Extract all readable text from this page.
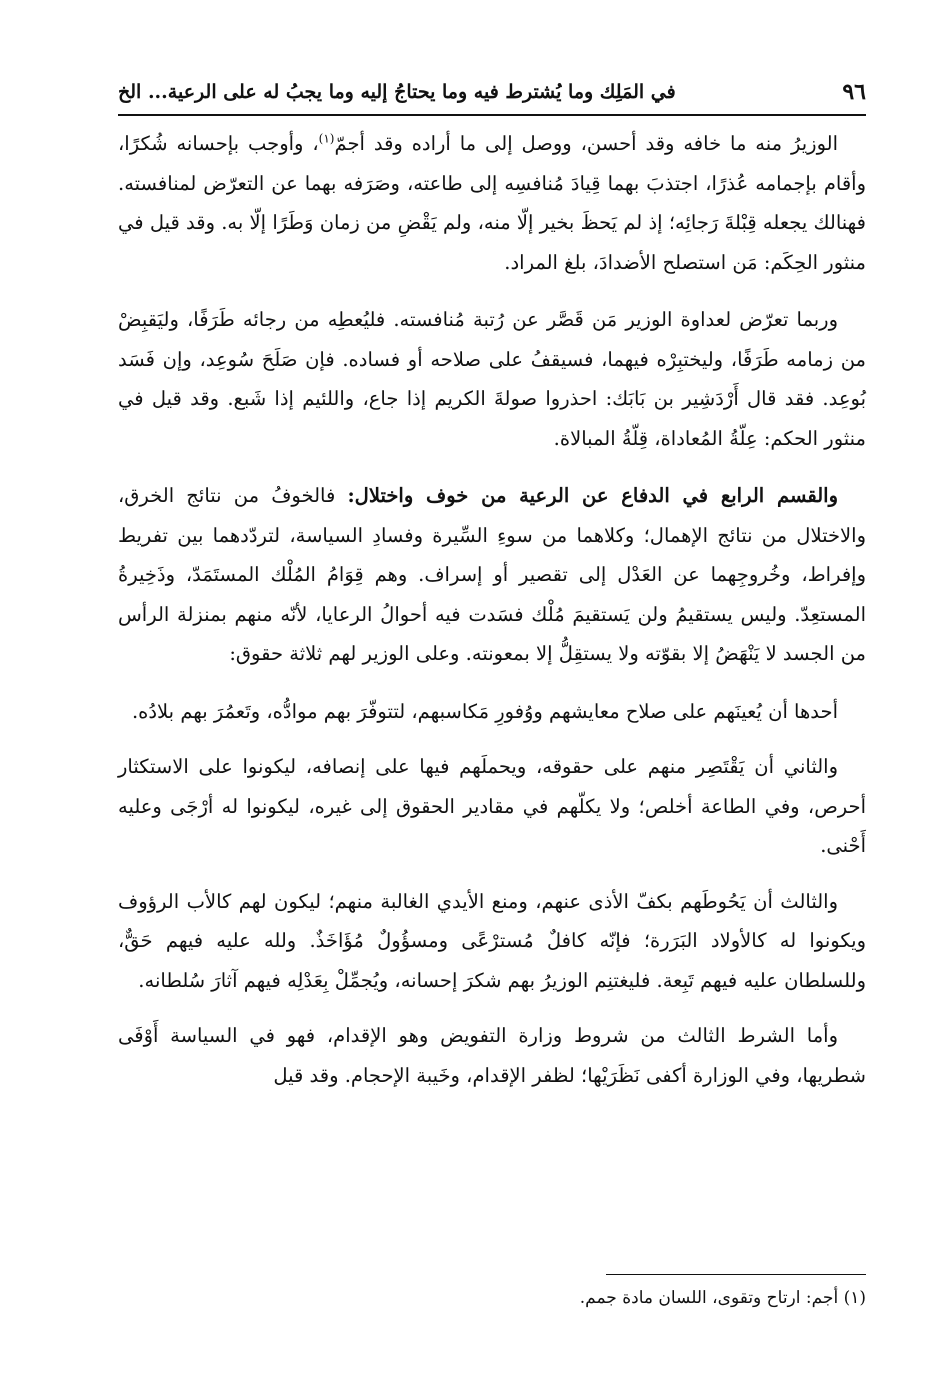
٩٦
في المَلِك وما يُشترط فيه وما يحتاجُ إليه وما يجبُ له على الرعية... الخ

الوزيرُ منه ما خافه وقد أحسن، ووصل إلى ما أراده وقد أجمّ$^{(١)}$، وأوجب بإحسانه شُكرًا، وأقام بإجمامه عُذرًا، اجتذبَ بهما قِيادَ مُنافسِه إلى طاعته، وصَرَفه بهما عن التعرّض لمنافسته. فهنالك يجعله قِبْلةَ رَجائِه؛ إذ لم يَحظَ بخير إلّا منه، ولم يَقْضِ من زمان وَطَرًا إلّا به. وقد قيل في منثور الحِكَم: مَن استصلح الأضدادَ، بلغ المراد.

وربما تعرّض لعداوة الوزير مَن قَصَّر عن رُتبة مُنافسته. فليُعطِه من رجائه طَرَفًا، وليَقبِضْ من زمامه طَرَفًا، وليختبِرْه فيهما، فسيقفُ على صلاحه أو فساده. فإن صَلَحَ سُوعِد، وإن فَسَد بُوعِد. فقد قال أَرْدَشِير بن بَابَك: احذروا صولةَ الكريم إذا جاع، واللئيم إذا شَبع. وقد قيل في منثور الحكم: عِلّةُ المُعاداة، قِلّةُ المبالاة.

والقسم الرابع في الدفاع عن الرعية من خوف واختلال: فالخوفُ من نتائج الخرق، والاختلال من نتائج الإهمال؛ وكلاهما من سوءِ السِّيرة وفسادِ السياسة، لتردّدهما بين تفريط وإفراط، وخُروجِهما عن العَدْل إلى تقصير أو إسراف. وهم قِوَامُ المُلْك المستَمَدّ، وذَخِيرةُ المستعِدّ. وليس يستقيمُ ولن يَستقيمَ مُلْك فسَدت فيه أحوالُ الرعايا، لأنّه منهم بمنزلة الرأس من الجسد لا يَنْهَضُ إلا بقوّته ولا يستقِلُّ إلا بمعونته. وعلى الوزير لهم ثلاثة حقوق:

أحدها أن يُعينَهم على صلاح معايشهم ووُفورِ مَكاسبهم، لتتوفّرَ بهم موادُّه، وتَعمُرَ بهم بلادُه.

والثاني أن يَقْتَصِر منهم على حقوقه، ويحملَهم فيها على إنصافه، ليكونوا على الاستكثار أحرص، وفي الطاعة أخلص؛ ولا يكلّهم في مقادير الحقوق إلى غيره، ليكونوا له أرْجَى وعليه أَحْنى.

والثالث أن يَحُوطَهم بكفّ الأذى عنهم، ومنع الأيدي الغالبة منهم؛ ليكون لهم كالأب الرؤوف ويكونوا له كالأولاد البَرَرة؛ فإنّه كافلٌ مُسترْعًى ومسؤُولٌ مُؤَاخَذٌ. ولله عليه فيهم حَقٌّ، وللسلطان عليه فيهم تَبِعة. فليغتنِم الوزيرُ بهم شكرَ إحسانه، ويُجمِّلْ بِعَدْلِه فيهم آثارَ سُلطانه.

وأما الشرط الثالث من شروط وزارة التفويض وهو الإقدام، فهو في السياسة أَوْفَى شطريها، وفي الوزارة أكفى نَظَرَيْها؛ لظفر الإقدام، وخَيبة الإحجام. وقد قيل

(١) أجم: ارتاح وتقوى، اللسان مادة جمم.
